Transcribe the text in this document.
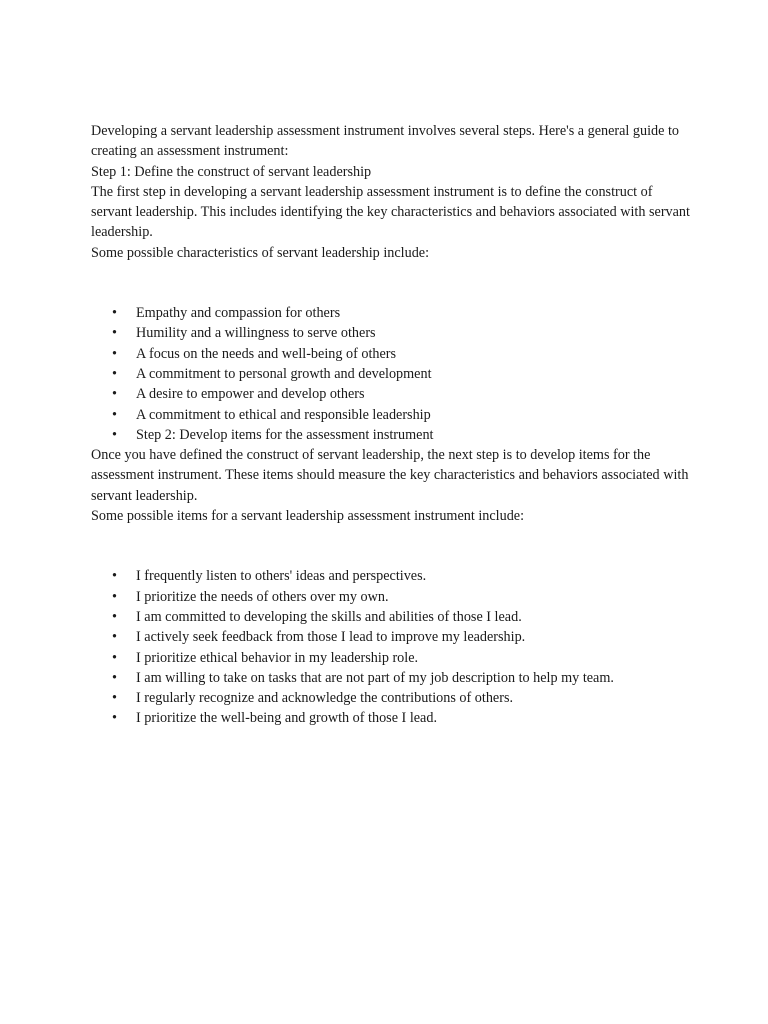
Developing a servant leadership assessment instrument involves several steps. Here's a general guide to creating an assessment instrument:

Step 1: Define the construct of servant leadership

The first step in developing a servant leadership assessment instrument is to define the construct of servant leadership. This includes identifying the key characteristics and behaviors associated with servant leadership.

Some possible characteristics of servant leadership include:

• Empathy and compassion for others
• Humility and a willingness to serve others
• A focus on the needs and well-being of others
• A commitment to personal growth and development
• A desire to empower and develop others
• A commitment to ethical and responsible leadership
• Step 2: Develop items for the assessment instrument

Once you have defined the construct of servant leadership, the next step is to develop items for the assessment instrument. These items should measure the key characteristics and behaviors associated with servant leadership.

Some possible items for a servant leadership assessment instrument include:

• I frequently listen to others' ideas and perspectives.
• I prioritize the needs of others over my own.
• I am committed to developing the skills and abilities of those I lead.
• I actively seek feedback from those I lead to improve my leadership.
• I prioritize ethical behavior in my leadership role.
• I am willing to take on tasks that are not part of my job description to help my team.
• I regularly recognize and acknowledge the contributions of others.
• I prioritize the well-being and growth of those I lead.
